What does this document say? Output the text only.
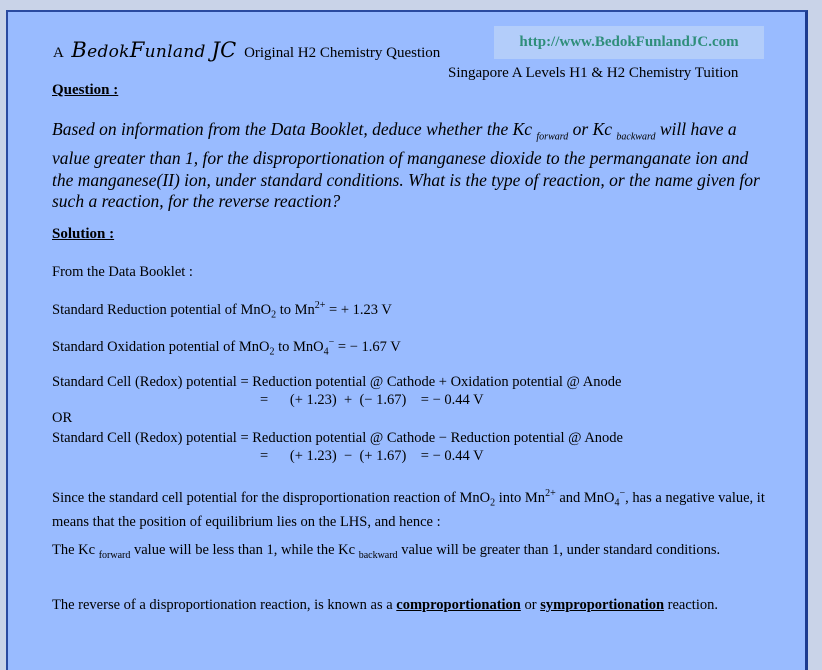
A BedokFunland JC Original H2 Chemistry Question
http://www.BedokFunlandJC.com
Singapore A Levels H1 & H2 Chemistry Tuition
Question :
Based on information from the Data Booklet, deduce whether the Kc $_{forward}$ or Kc $_{backward}$ will have a value greater than 1, for the disproportionation of manganese dioxide to the permanganate ion and the manganese(II) ion, under standard conditions. What is the type of reaction, or the name given for such a reaction, for the reverse reaction?
Solution :
From the Data Booklet :
Standard Reduction potential of MnO$_2$ to $Mn^{2+}$ = + 1.23 V
Standard Oxidation potential of MnO$_2$ to MnO$_4$− = − 1.67 V
Standard Cell (Redox) potential = Reduction potential @ Cathode + Oxidation potential @ Anode
=      (+ 1.23)  +  (− 1.67)    = − 0.44 V
OR
Standard Cell (Redox) potential = Reduction potential @ Cathode − Reduction potential @ Anode
=      (+ 1.23)  −  (+ 1.67)    = − 0.44 V
Since the standard cell potential for the disproportionation reaction of MnO$_2$ into $Mn^{2+}$ and MnO$_4$−, has a negative value, it means that the position of equilibrium lies on the LHS, and hence :
The Kc $_{forward}$ value will be less than 1, while the Kc $_{backward}$ value will be greater than 1, under standard conditions.
The reverse of a disproportionation reaction, is known as a comproportionation or symproportionation reaction.
